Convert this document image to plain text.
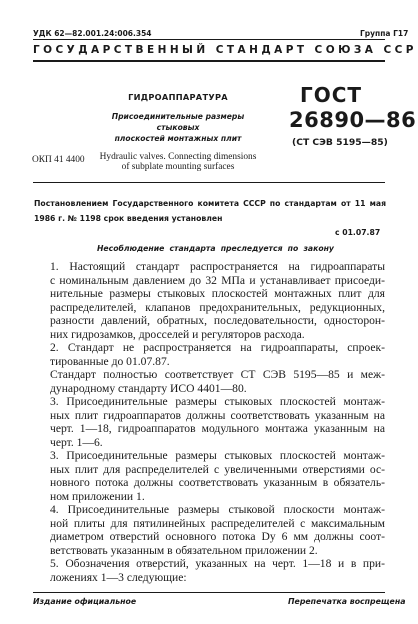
УДК 62—82.001.24:006.354	Группа Г17
ГОСУДАРСТВЕННЫЙ СТАНДАРТ СОЮЗА ССР
ГИДРОАППАРАТУРА
Присоединительные размеры стыковых
плоскостей монтажных плит
Hydraulic valves. Connecting dimensions
of subplate mounting surfaces
ГОСТ
26890—86
(СТ СЭВ 5195—85)
ОКП 41 4400
Постановлением Государственного комитета СССР по стандартам от 11 мая 1986 г. № 1198 срок введения установлен
с 01.07.87
Несоблюдение стандарта преследуется по закону

1. Настоящий стандарт распространяется на гидроаппараты
с номинальным давлением до 32 МПа и устанавливает присоеди-
нительные размеры стыковых плоскостей монтажных плит для
распределителей, клапанов предохранительных, редукционных,
разности давлений, обратных, последовательности, односторон-
них гидрозамков, дросселей и регуляторов расхода.

2. Стандарт не распространяется на гидроаппараты, спроек-
тированные до 01.07.87.

Стандарт полностью соответствует СТ СЭВ 5195—85 и меж-
дународному стандарту ИСО 4401—80.

3. Присоединительные размеры стыковых плоскостей монтаж-
ных плит гидроаппаратов должны соответствовать указанным на
черт. 1—18, гидроаппаратов модульного монтажа указанным на
черт. 1—6.

3. Присоединительные размеры стыковых плоскостей монтаж-
ных плит для распределителей с увеличенными отверстиями ос-
новного потока должны соответствовать указанным в обязатель-
ном приложении 1.

4. Присоединительные размеры стыковой плоскости монтаж-
ной плиты для пятилинейных распределителей с максимальным
диаметром отверстий основного потока Dу 6 мм должны соот-
ветствовать указанным в обязательном приложении 2.

5. Обозначения отверстий, указанных на черт. 1—18 и в при-
ложениях 1—3 следующие:

Издание официальное	Перепечатка воспрещена
